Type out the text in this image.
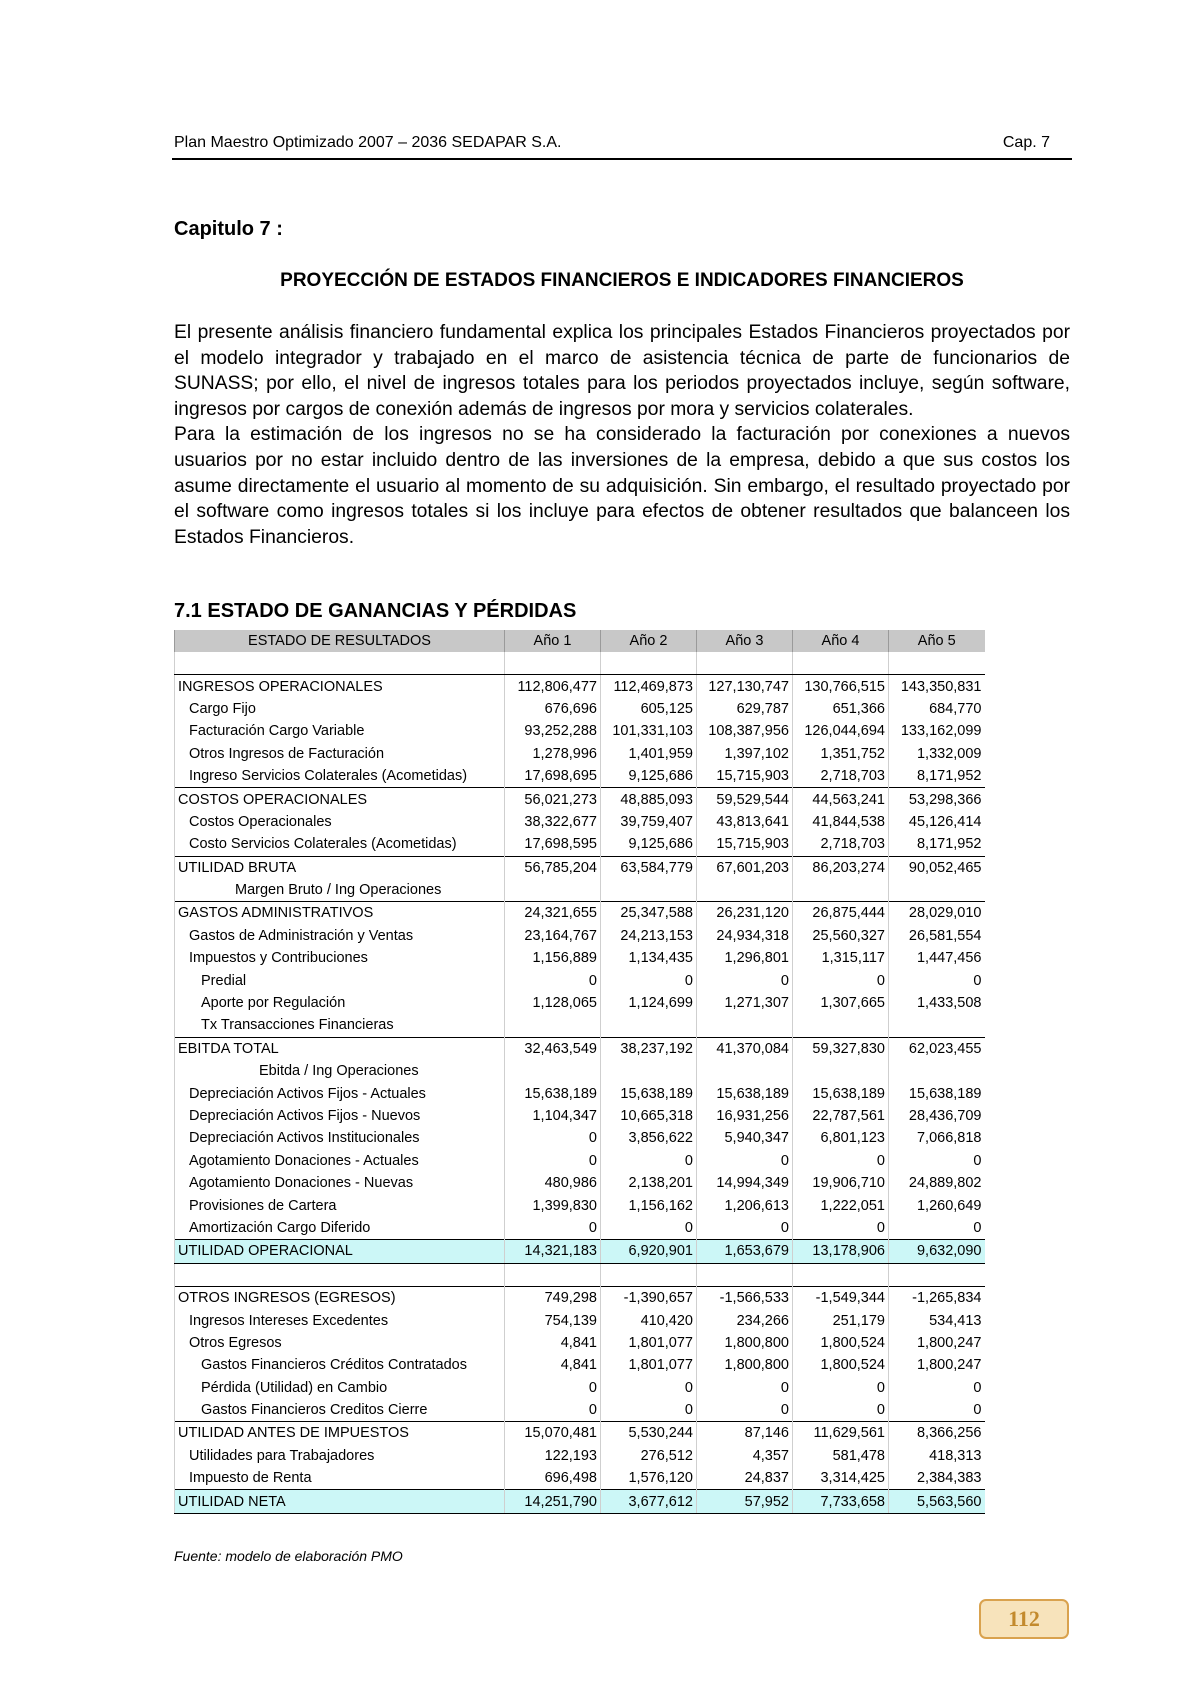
Plan Maestro Optimizado 2007 – 2036 SEDAPAR S.A.	Cap. 7
Capitulo 7 :
PROYECCIÓN DE ESTADOS FINANCIEROS E INDICADORES FINANCIEROS

El presente análisis financiero fundamental explica los principales Estados Financieros proyectados por el modelo integrador y trabajado en el marco de asistencia técnica de parte de funcionarios de SUNASS; por ello, el nivel de ingresos totales para los periodos proyectados incluye, según software, ingresos por cargos de conexión además de ingresos por mora y servicios colaterales.

Para la estimación de los ingresos no se ha considerado la facturación por conexiones a nuevos usuarios por no estar incluido dentro de las inversiones de la empresa, debido a que sus costos los asume directamente el usuario al momento de su adquisición. Sin embargo, el resultado proyectado por el software como ingresos totales si los incluye para efectos de obtener resultados que balanceen los Estados Financieros.

7.1 ESTADO DE GANANCIAS Y PÉRDIDAS
ESTADO DE RESULTADOS	Año 1	Año 2	Año 3	Año 4	Año 5

INGRESOS OPERACIONALES	112,806,477	112,469,873	127,130,747	130,766,515	143,350,831
Cargo Fijo	676,696	605,125	629,787	651,366	684,770
Facturación Cargo Variable	93,252,288	101,331,103	108,387,956	126,044,694	133,162,099
Otros Ingresos de Facturación	1,278,996	1,401,959	1,397,102	1,351,752	1,332,009
Ingreso Servicios Colaterales (Acometidas)	17,698,695	9,125,686	15,715,903	2,718,703	8,171,952
COSTOS OPERACIONALES	56,021,273	48,885,093	59,529,544	44,563,241	53,298,366
Costos Operacionales	38,322,677	39,759,407	43,813,641	41,844,538	45,126,414
Costo Servicios Colaterales (Acometidas)	17,698,595	9,125,686	15,715,903	2,718,703	8,171,952
UTILIDAD BRUTA	56,785,204	63,584,779	67,601,203	86,203,274	90,052,465
Margen Bruto / Ing Operaciones					
GASTOS ADMINISTRATIVOS	24,321,655	25,347,588	26,231,120	26,875,444	28,029,010
Gastos de Administración y Ventas	23,164,767	24,213,153	24,934,318	25,560,327	26,581,554
Impuestos y Contribuciones	1,156,889	1,134,435	1,296,801	1,315,117	1,447,456
Predial	0	0	0	0	0
Aporte por Regulación	1,128,065	1,124,699	1,271,307	1,307,665	1,433,508
Tx Transacciones Financieras					
EBITDA TOTAL	32,463,549	38,237,192	41,370,084	59,327,830	62,023,455
Ebitda / Ing Operaciones					
Depreciación Activos Fijos - Actuales	15,638,189	15,638,189	15,638,189	15,638,189	15,638,189
Depreciación Activos Fijos - Nuevos	1,104,347	10,665,318	16,931,256	22,787,561	28,436,709
Depreciación Activos Institucionales	0	3,856,622	5,940,347	6,801,123	7,066,818
Agotamiento Donaciones - Actuales	0	0	0	0	0
Agotamiento Donaciones - Nuevas	480,986	2,138,201	14,994,349	19,906,710	24,889,802
Provisiones de Cartera	1,399,830	1,156,162	1,206,613	1,222,051	1,260,649
Amortización Cargo Diferido	0	0	0	0	0
UTILIDAD OPERACIONAL	14,321,183	6,920,901	1,653,679	13,178,906	9,632,090

OTROS INGRESOS (EGRESOS)	749,298	-1,390,657	-1,566,533	-1,549,344	-1,265,834
Ingresos Intereses Excedentes	754,139	410,420	234,266	251,179	534,413
Otros Egresos	4,841	1,801,077	1,800,800	1,800,524	1,800,247
Gastos Financieros Créditos Contratados	4,841	1,801,077	1,800,800	1,800,524	1,800,247
Pérdida (Utilidad) en Cambio	0	0	0	0	0
Gastos Financieros Creditos Cierre	0	0	0	0	0
UTILIDAD ANTES DE IMPUESTOS	15,070,481	5,530,244	87,146	11,629,561	8,366,256
Utilidades para Trabajadores	122,193	276,512	4,357	581,478	418,313
Impuesto de Renta	696,498	1,576,120	24,837	3,314,425	2,384,383
UTILIDAD NETA	14,251,790	3,677,612	57,952	7,733,658	5,563,560
Fuente: modelo de elaboración PMO
112
